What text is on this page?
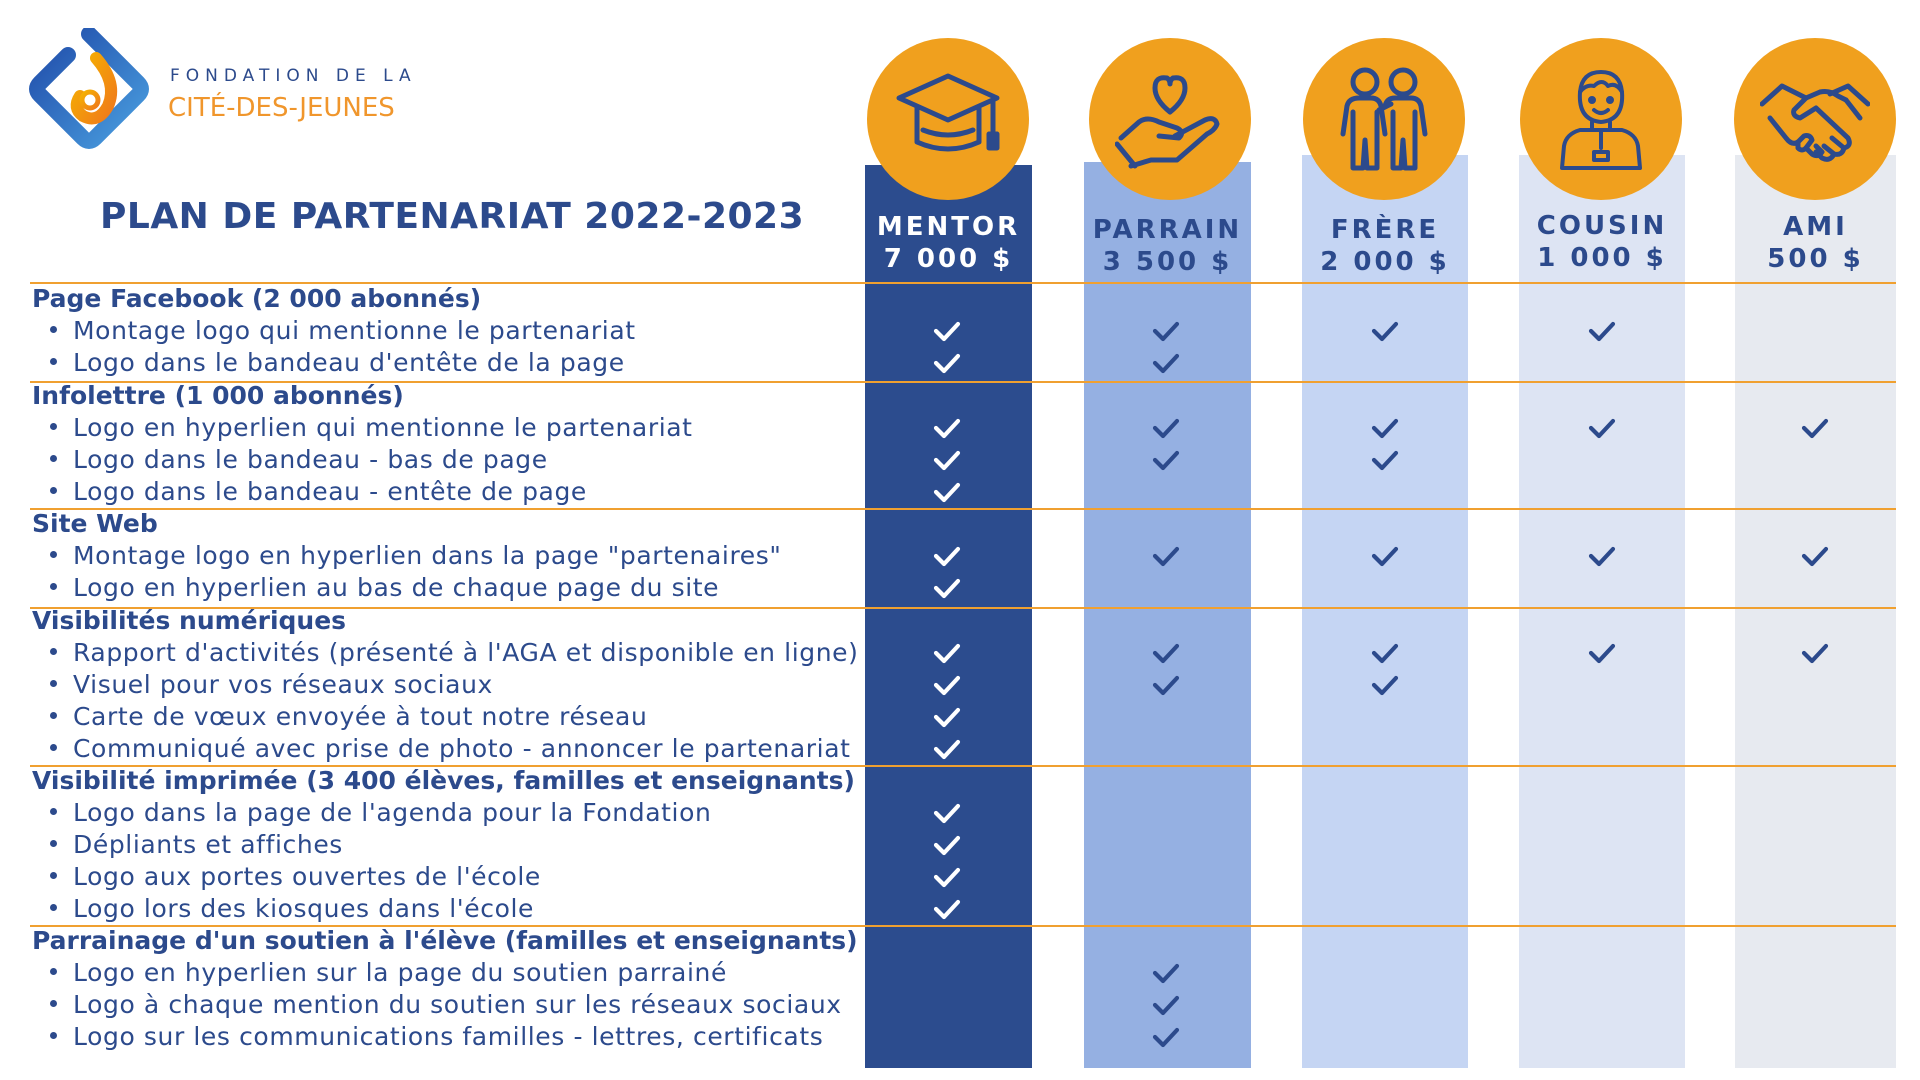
FONDATION DE LA
CITÉ-DES-JEUNES
PLAN DE PARTENARIAT 2022-2023	MENTOR
7 000 $
PARRAIN
3 500 $
FRÈRE
2 000 $
COUSIN
1 000 $
AMI
500 $
Page Facebook (2 000 abonnés)
Montage logo qui mentionne le partenariat
Logo dans le bandeau d'entête de la page
Infolettre (1 000 abonnés)
Logo en hyperlien qui mentionne le partenariat
Logo dans le bandeau - bas de page
Logo dans le bandeau - entête de page
Site Web
Montage logo en hyperlien dans la page "partenaires"
Logo en hyperlien au bas de chaque page du site
Visibilités numériques
Rapport d'activités (présenté à l'AGA et disponible en ligne)
Visuel pour vos réseaux sociaux
Carte de vœux envoyée à tout notre réseau
Communiqué avec prise de photo - annoncer le partenariat
Visibilité imprimée (3 400 élèves, familles et enseignants)
Logo dans la page de l'agenda pour la Fondation
Dépliants et affiches
Logo aux portes ouvertes de l'école
Logo lors des kiosques dans l'école
Parrainage d'un soutien à l'élève (familles et enseignants)
Logo en hyperlien sur la page du soutien parrainé
Logo à chaque mention du soutien sur les réseaux sociaux
Logo sur les communications familles - lettres, certificats
